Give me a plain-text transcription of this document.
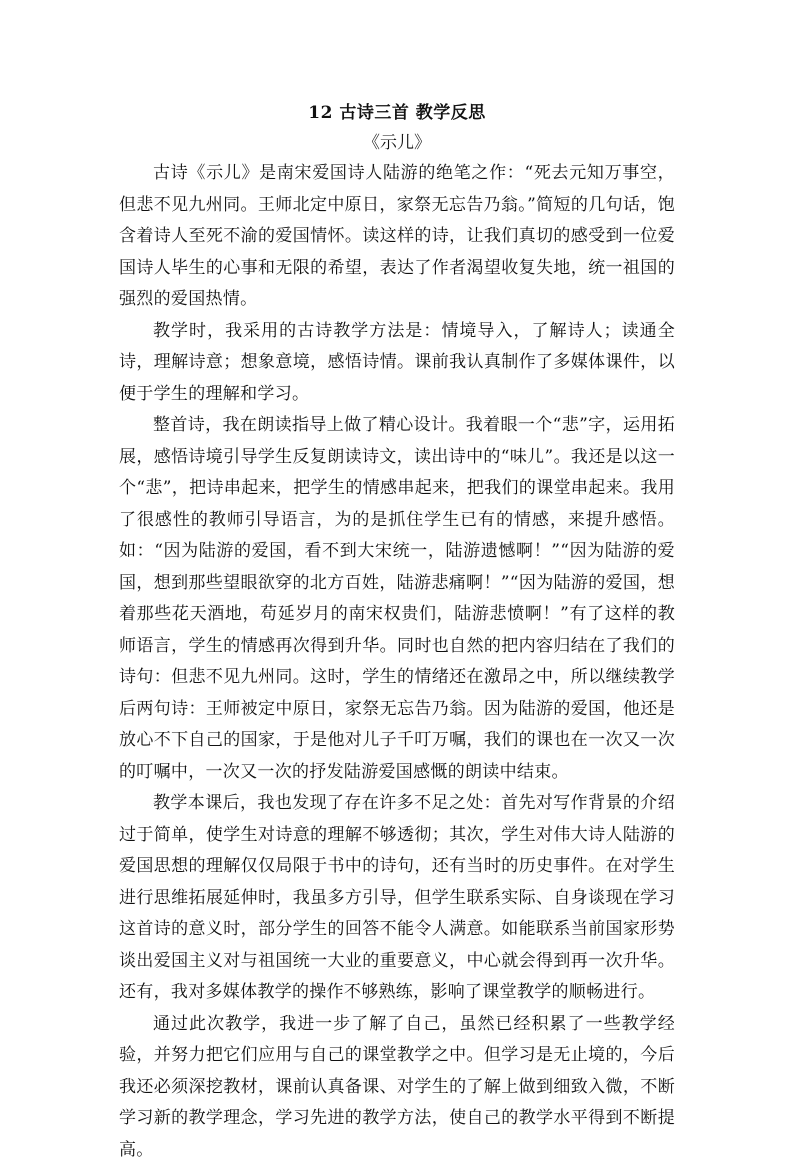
12 古诗三首 教学反思
《示儿》

古诗《示儿》是南宋爱国诗人陆游的绝笔之作：“死去元知万事空，但悲不见九州同。王师北定中原日，家祭无忘告乃翁。”简短的几句话，饱含着诗人至死不渝的爱国情怀。读这样的诗，让我们真切的感受到一位爱国诗人毕生的心事和无限的希望，表达了作者渴望收复失地，统一祖国的强烈的爱国热情。

教学时，我采用的古诗教学方法是：情境导入，了解诗人；读通全诗，理解诗意；想象意境，感悟诗情。课前我认真制作了多媒体课件，以便于学生的理解和学习。

整首诗，我在朗读指导上做了精心设计。我着眼一个“悲”字，运用拓展，感悟诗境引导学生反复朗读诗文，读出诗中的“味儿”。我还是以这一个“悲”，把诗串起来，把学生的情感串起来，把我们的课堂串起来。我用了很感性的教师引导语言，为的是抓住学生已有的情感，来提升感悟。如：“因为陆游的爱国，看不到大宋统一，陆游遗憾啊！”“因为陆游的爱国，想到那些望眼欲穿的北方百姓，陆游悲痛啊！”“因为陆游的爱国，想着那些花天酒地，苟延岁月的南宋权贵们，陆游悲愤啊！”有了这样的教师语言，学生的情感再次得到升华。同时也自然的把内容归结在了我们的诗句：但悲不见九州同。这时，学生的情绪还在激昂之中，所以继续教学后两句诗：王师被定中原日，家祭无忘告乃翁。因为陆游的爱国，他还是放心不下自己的国家，于是他对儿子千叮万嘱，我们的课也在一次又一次的叮嘱中，一次又一次的抒发陆游爱国感慨的朗读中结束。

教学本课后，我也发现了存在许多不足之处：首先对写作背景的介绍过于简单，使学生对诗意的理解不够透彻；其次，学生对伟大诗人陆游的爱国思想的理解仅仅局限于书中的诗句，还有当时的历史事件。在对学生进行思维拓展延伸时，我虽多方引导，但学生联系实际、自身谈现在学习这首诗的意义时，部分学生的回答不能令人满意。如能联系当前国家形势谈出爱国主义对与祖国统一大业的重要意义，中心就会得到再一次升华。还有，我对多媒体教学的操作不够熟练，影响了课堂教学的顺畅进行。

通过此次教学，我进一步了解了自己，虽然已经积累了一些教学经验，并努力把它们应用与自己的课堂教学之中。但学习是无止境的，今后我还必须深挖教材，课前认真备课、对学生的了解上做到细致入微，不断学习新的教学理念，学习先进的教学方法，使自己的教学水平得到不断提高。
